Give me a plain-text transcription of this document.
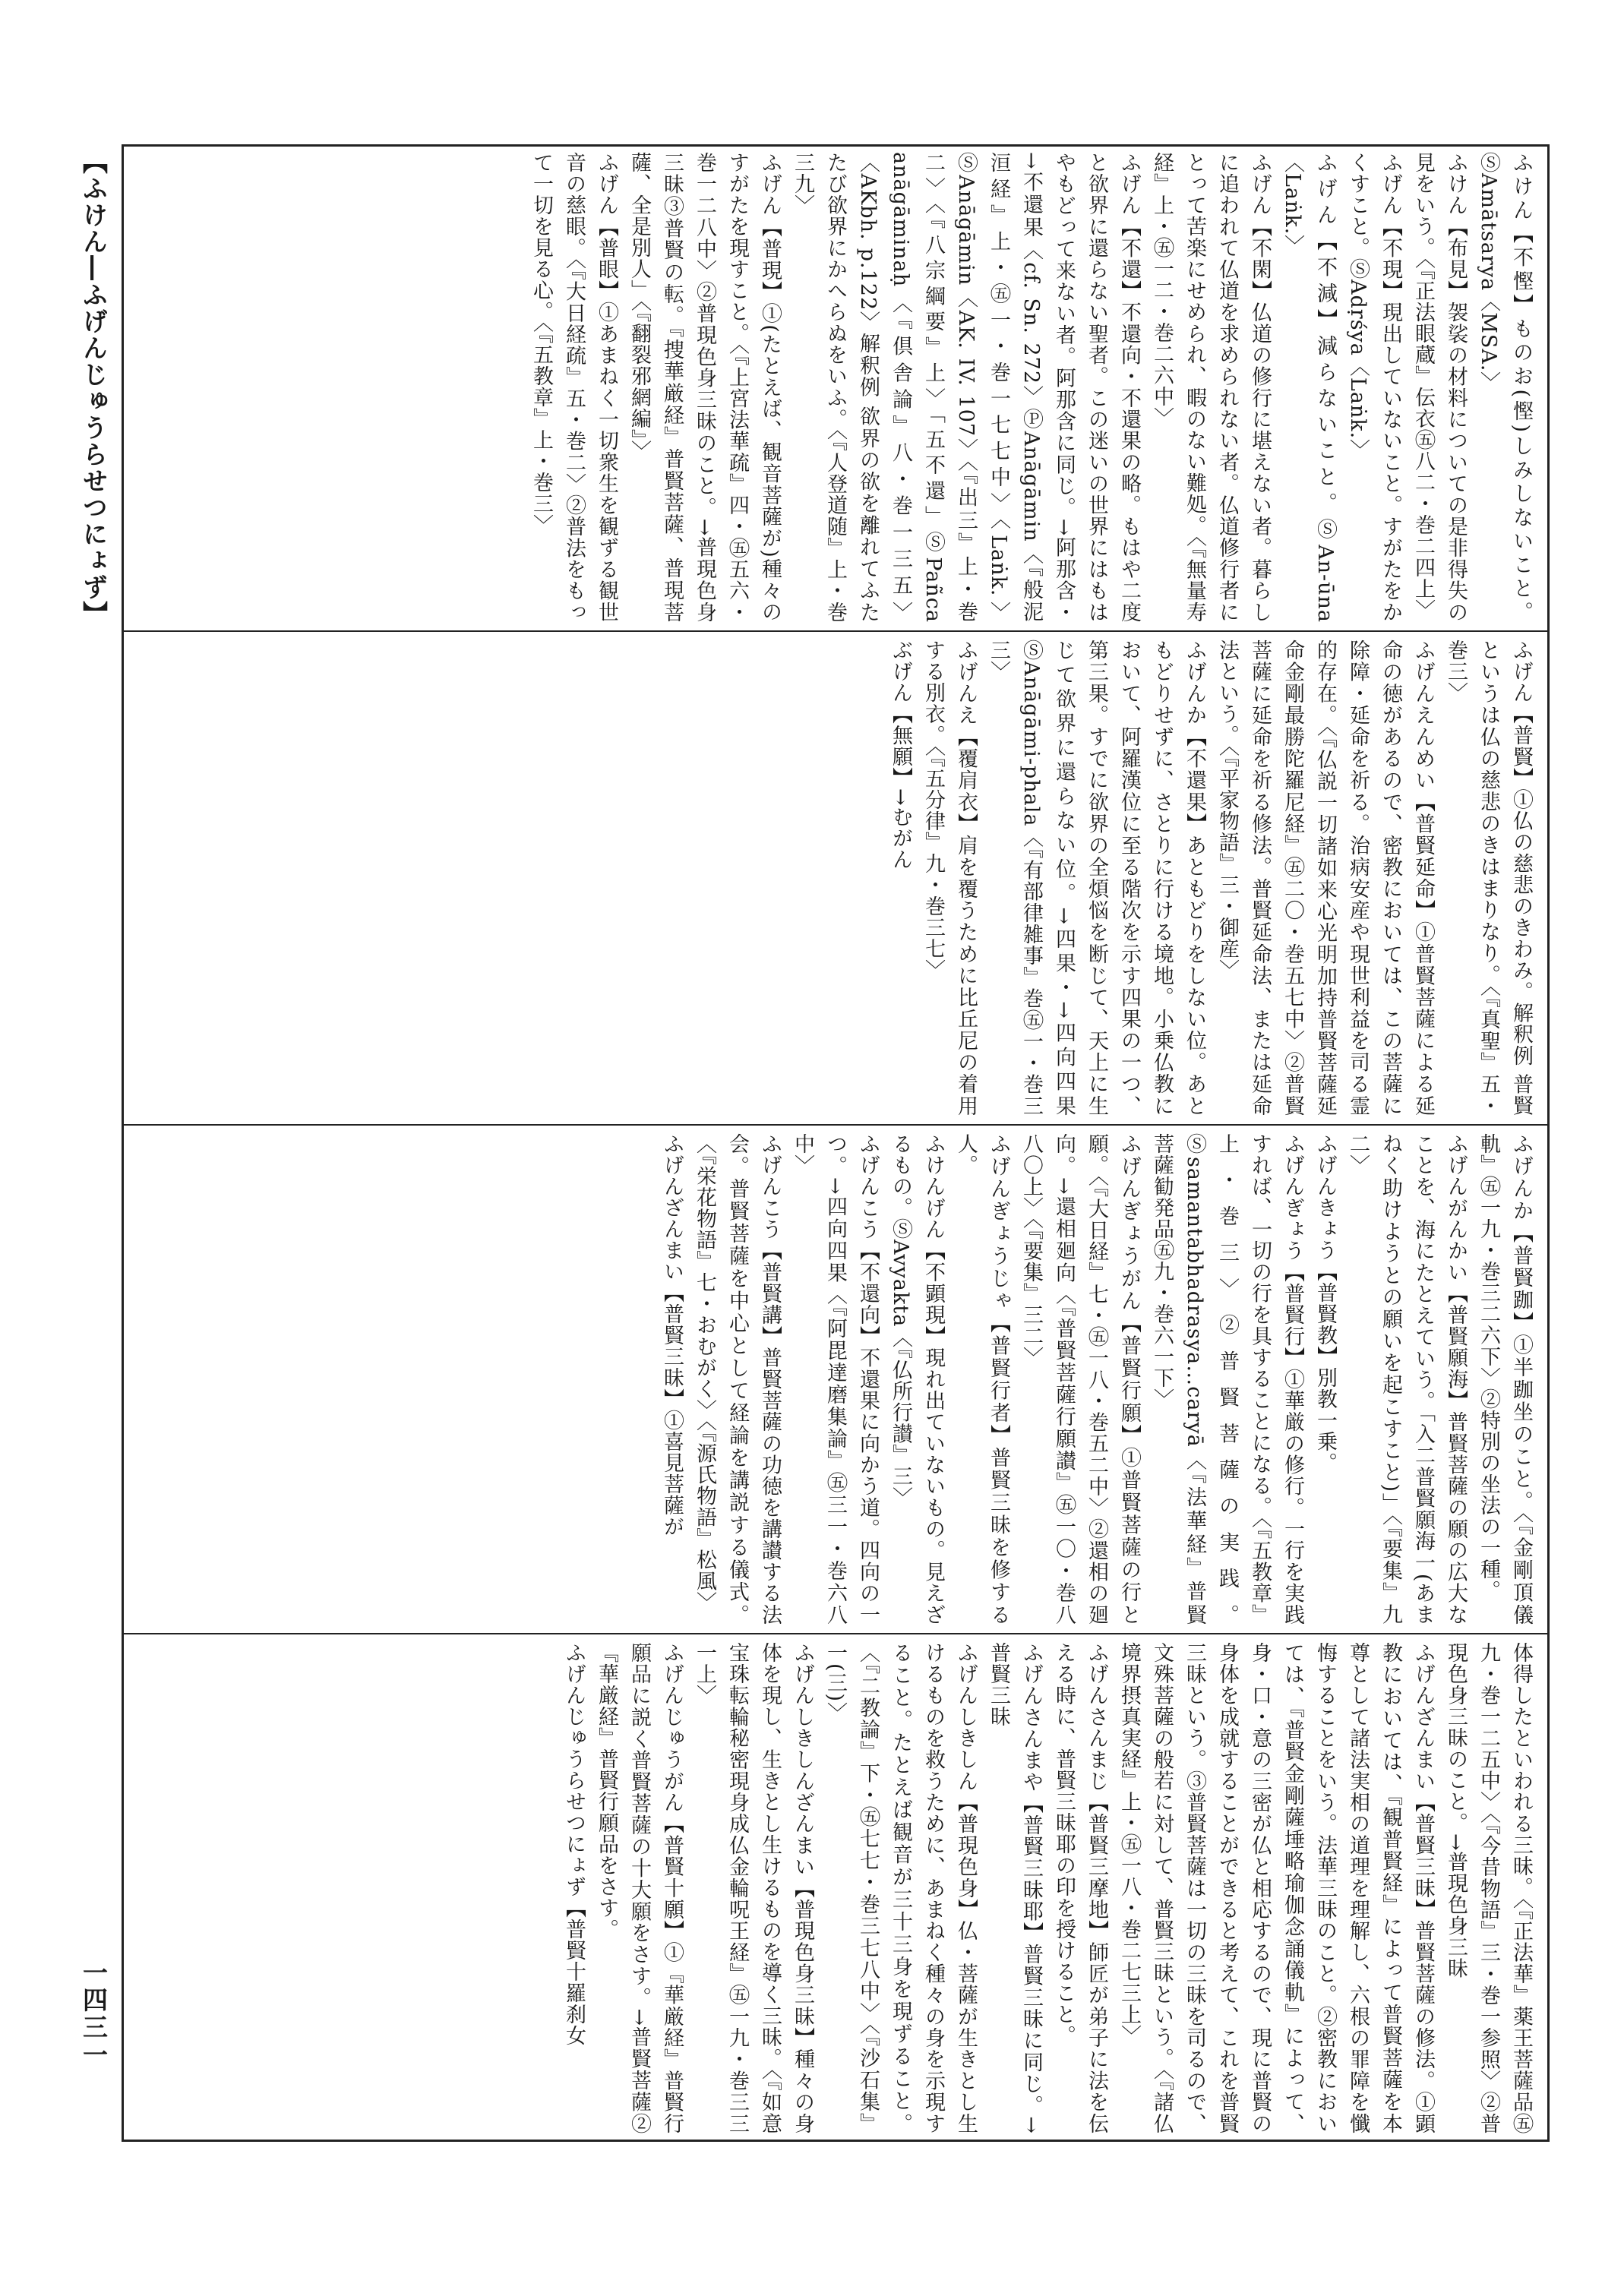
【ふけん―ふげんじゅうらせつにょず】
一四三一

ふけん【不慳】ものお(慳)しみしないこと。ⓈAmātsarya〈MSA.〉

ふけん【布見】袈裟の材料についての是非得失の見をいう。〈『正法眼蔵』伝衣㊄八二・巻二四上〉

ふげん【不現】現出していないこと。すがたをかくすこと。ⓈAdṛśya〈Laṅk.〉

ふげん【不減】減らないこと。ⓈAn-ūna〈Laṅk.〉

ふげん【不閑】仏道の修行に堪えない者。暮らしに追われて仏道を求められない者。仏道修行者にとって苦楽にせめられ、暇のない難処。〈『無量寿経』上・㊄一二・巻二六中〉

ふげん【不還】不還向・不還果の略。もはや二度と欲界に還らない聖者。この迷いの世界にはもはやもどって来ない者。阿那含に同じ。→阿那含・→不還果〈cf. Sn. 272〉ⓅAnāgāmin〈『般泥洹経』上・㊄一・巻一七七中〉〈Laṅk.〉ⓈAnāgāmin〈AK. IV. 107〉〈『出三』上・巻二〉〈『八宗綱要』上〉「五不還」ⓈPañca anāgāminaḥ〈『倶舎論』八・巻一三五〉〈AKbh. p.122〉解釈例 欲界の欲を離れてふたたび欲界にかへらぬをいふ。〈『人登道随』上・巻三九〉

ふげん【普現】①(たとえば、観音菩薩が)種々のすがたを現すこと。〈『上宮法華疏』四・㊄五六・巻一二八中〉②普現色身三昧のこと。→普現色身三昧③普賢の転。『捜華厳経』普賢菩薩、普現菩薩、全是別人」〈『翻裂邪網編』〉

ふげん【普眼】①あまねく一切衆生を観ずる観世音の慈眼。〈『大日経疏』五・巻二〉②普法をもって一切を見る心。〈『五教章』上・巻三〉

ふげん【普賢】①仏の慈悲のきわみ。解釈例 普賢というは仏の慈悲のきはまりなり。〈『真聖』五・巻三〉

ふげんえんめい【普賢延命】①普賢菩薩による延命の徳があるので、密教においては、この菩薩に除障・延命を祈る。治病安産や現世利益を司る霊的存在。〈『仏説一切諸如来心光明加持普賢菩薩延命金剛最勝陀羅尼経』㊄二〇・巻五七中〉②普賢菩薩に延命を祈る修法。普賢延命法、または延命法という。〈『平家物語』三・御産〉

ふげんか【不還果】あともどりをしない位。あともどりせずに、さとりに行ける境地。小乗仏教において、阿羅漢位に至る階次を示す四果の一つ、第三果。すでに欲界の全煩悩を断じて、天上に生じて欲界に還らない位。→四果・→四向四果ⓈAnāgāmi-phala〈『有部律雑事』巻㊄一・巻三三〉

ふげんえ【覆肩衣】肩を覆うために比丘尼の着用する別衣。〈『五分律』九・巻三七〉

ぶげん【無願】→むがん

ふげんか【普賢跏】①半跏坐のこと。〈『金剛頂儀軌』㊄一九・巻三二六下〉②特別の坐法の一種。

ふげんがんかい【普賢願海】普賢菩薩の願の広大なことを、海にたとえていう。「入二普賢願海一(あまねく助けようとの願いを起こすこと)」〈『要集』九二〉

ふげんきょう【普賢教】別教一乗。

ふげんぎょう【普賢行】①華厳の修行。一行を実践すれば、一切の行を具することになる。〈『五教章』上・巻三〉②普賢菩薩の実践。Ⓢsamantabhadrasya…caryā〈『法華経』普賢菩薩勧発品㊄九・巻六一下〉

ふげんぎょうがん【普賢行願】①普賢菩薩の行と願。〈『大日経』七・㊄一八・巻五二中〉②還相の廻向。→還相廻向〈『普賢菩薩行願讃』㊄一〇・巻八八〇上〉〈『要集』三二〉

ふげんぎょうじゃ【普賢行者】普賢三昧を修する人。

ふけんげん【不顕現】現れ出ていないもの。見えざるもの。ⓈAvyakta〈『仏所行讃』三〉

ふげんこう【不還向】不還果に向かう道。四向の一つ。→四向四果〈『阿毘達磨集論』㊄三一・巻六八中〉

ふげんこう【普賢講】普賢菩薩の功徳を講讃する法会。普賢菩薩を中心として経論を講説する儀式。〈『栄花物語』七・おむがく〉〈『源氏物語』松風〉

ふげんざんまい【普賢三昧】①喜見菩薩が

体得したといわれる三昧。〈『正法華』薬王菩薩品㊄九・巻一二五中〉〈『今昔物語』三・巻一参照〉②普現色身三昧のこと。→普現色身三昧

ふげんざんまい【普賢三昧】普賢菩薩の修法。①顕教においては、『観普賢経』によって普賢菩薩を本尊として諸法実相の道理を理解し、六根の罪障を懺悔することをいう。法華三昧のこと。②密教においては、『普賢金剛薩埵略瑜伽念誦儀軌』によって、身・口・意の三密が仏と相応するので、現に普賢の身体を成就することができると考えて、これを普賢三昧という。③普賢菩薩は一切の三昧を司るので、文殊菩薩の般若に対して、普賢三昧という。〈『諸仏境界摂真実経』上・㊄一八・巻二七三上〉

ふげんさんまじ【普賢三摩地】師匠が弟子に法を伝える時に、普賢三昧耶の印を授けること。

ふげんさんまや【普賢三昧耶】普賢三昧に同じ。→普賢三昧

ふげんしきしん【普現色身】仏・菩薩が生きとし生けるものを救うために、あまねく種々の身を示現すること。たとえば観音が三十三身を現ずること。〈『二教論』下・㊄七七・巻三七八中〉〈『沙石集』一(三)〉

ふげんしきしんざんまい【普現色身三昧】種々の身体を現し、生きとし生けるものを導く三昧。〈『如意宝珠転輪秘密現身成仏金輪呪王経』㊄一九・巻三三一上〉

ふげんじゅうがん【普賢十願】①『華厳経』普賢行願品に説く普賢菩薩の十大願をさす。→普賢菩薩②『華厳経』普賢行願品をさす。

ふげんじゅうらせつにょず【普賢十羅刹女
